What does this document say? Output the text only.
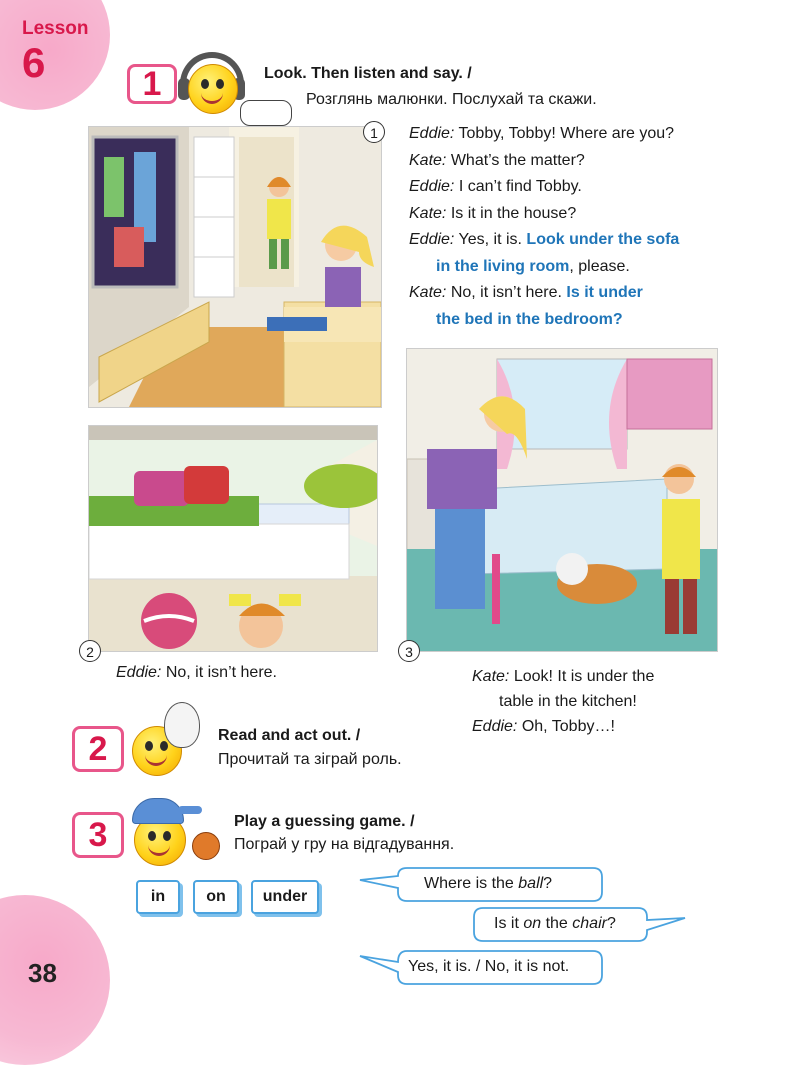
Lesson
6	1	Look. Then listen and say. /
Розглянь малюнки. Послухай та скажи.
1	Eddie: Tobby, Tobby! Where are you?
Kate: What’s the matter?
Eddie: I can’t find Tobby.
Kate: Is it in the house?
Eddie: Yes, it is. Look under the sofa
in the living room, please.
Kate: No, it isn’t here. Is it under
the bed in the bedroom?
2
Eddie: No, it isn’t here.
3
Kate: Look! It is under the
table in the kitchen!
Eddie: Oh, Tobby…!
2	Read and act out. /
Прочитай та зіграй роль.
3	Play a guessing game. /
Пограй у гру на відгадування.
in	on	under
Where is the ball?
Is it on the chair?
Yes, it is. / No, it is not.
38
